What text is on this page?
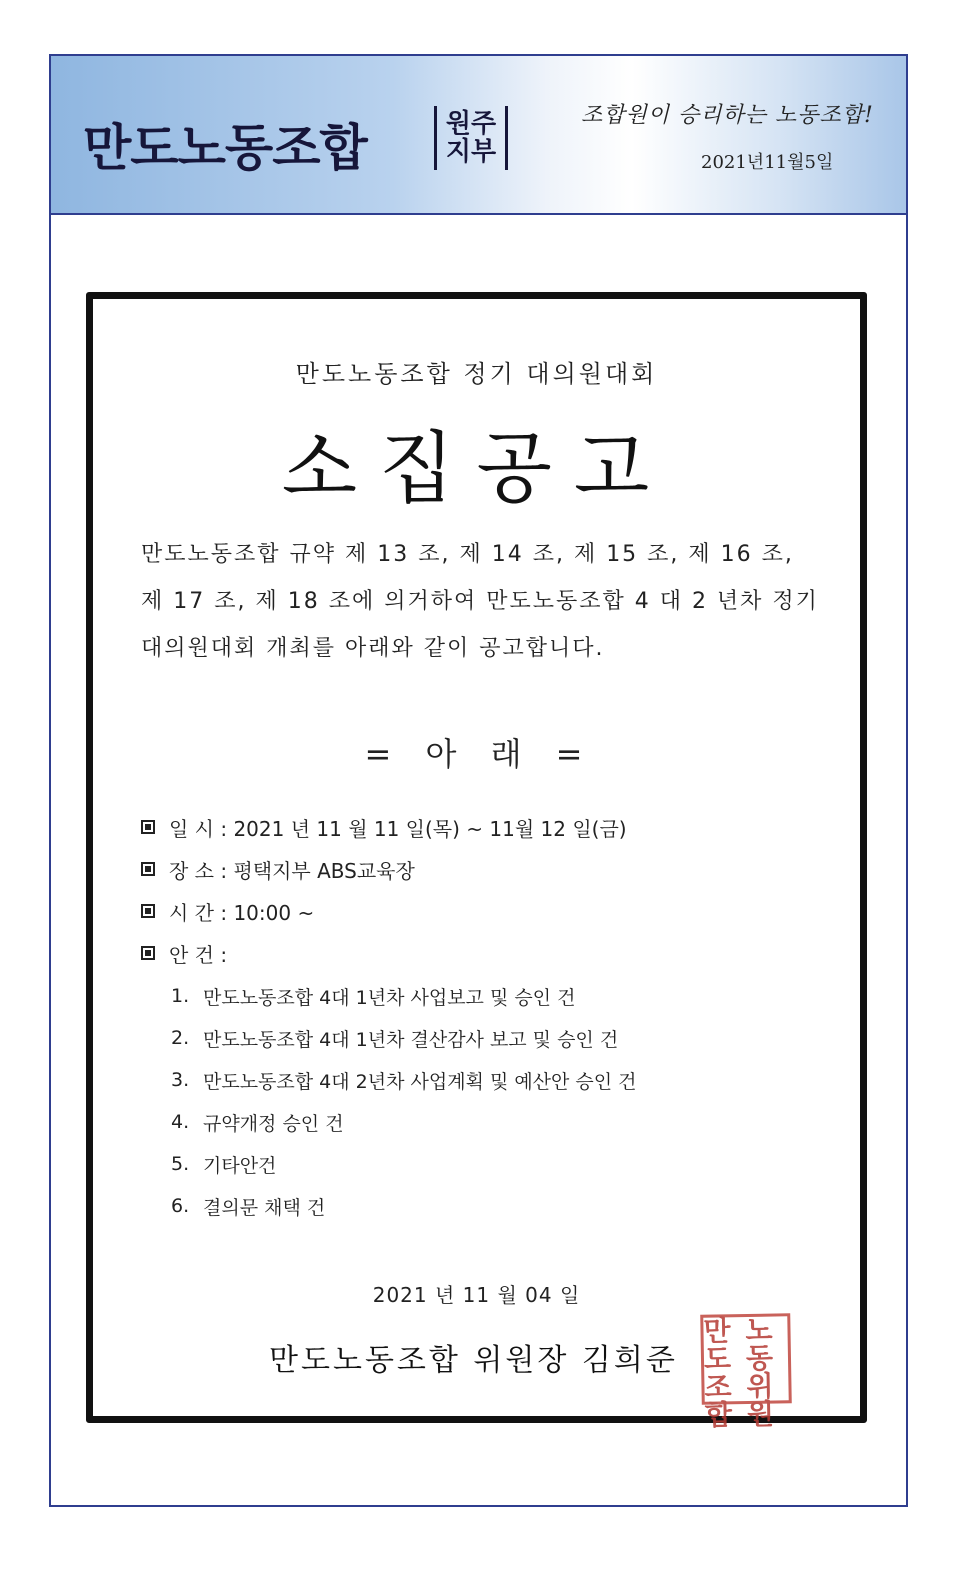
만도노동조합	원주
지부
조합원이 승리하는 노동조합!
2021년11월5일
만도노동조합 정기 대의원대회
소집공고
만도노동조합 규약 제 13 조, 제 14 조, 제 15 조, 제 16 조, 제 17 조, 제 18 조에 의거하여 만도노동조합 4 대 2 년차 정기 대의원대회 개최를 아래와 같이 공고합니다.
= 아 래 =
일 시 : 2021 년 11 월 11 일(목) ~ 11월 12 일(금)
장 소 : 평택지부 ABS교육장
시 간 : 10:00 ~
안 건 :
1. 만도노동조합 4대 1년차 사업보고 및 승인 건
2. 만도노동조합 4대 1년차 결산감사 보고 및 승인 건
3. 만도노동조합 4대 2년차 사업계획 및 예산안 승인 건
4. 규약개정 승인 건
5. 기타안건
6. 결의문 채택 건
2021 년 11 월 04 일
만도노동조합 위원장 김희준
만도
노동
조합
위원
